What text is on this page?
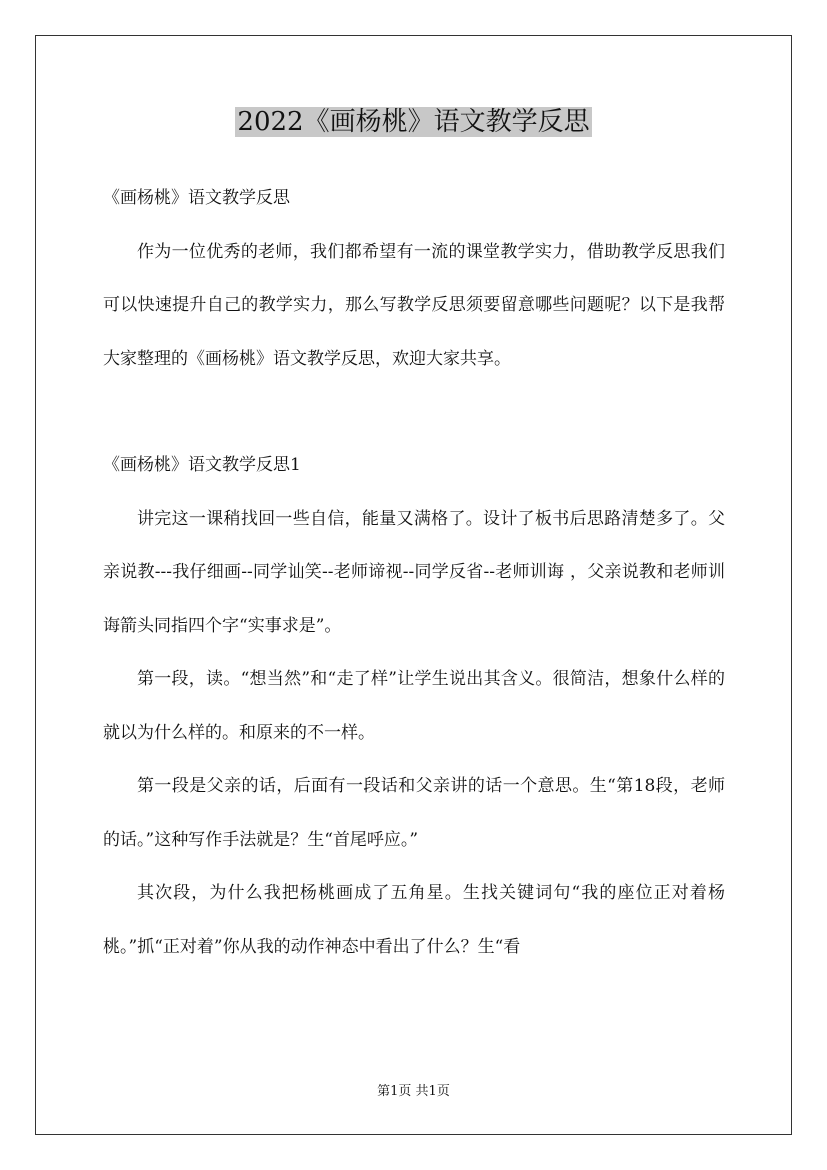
2022《画杨桃》语文教学反思

《画杨桃》语文教学反思

作为一位优秀的老师，我们都希望有一流的课堂教学实力，借助教学反思我们可以快速提升自己的教学实力，那么写教学反思须要留意哪些问题呢？以下是我帮大家整理的《画杨桃》语文教学反思，欢迎大家共享。

《画杨桃》语文教学反思1

讲完这一课稍找回一些自信，能量又满格了。设计了板书后思路清楚多了。父亲说教---我仔细画--同学讪笑--老师谛视--同学反省--老师训诲 ，父亲说教和老师训诲箭头同指四个字“实事求是”。

第一段，读。“想当然”和“走了样”让学生说出其含义。很简洁，想象什么样的就以为什么样的。和原来的不一样。

第一段是父亲的话，后面有一段话和父亲讲的话一个意思。生“第18段，老师的话。”这种写作手法就是？生“首尾呼应。”

其次段，为什么我把杨桃画成了五角星。生找关键词句“我的座位正对着杨桃。”抓“正对着”你从我的动作神态中看出了什么？生“看

第1页 共1页
